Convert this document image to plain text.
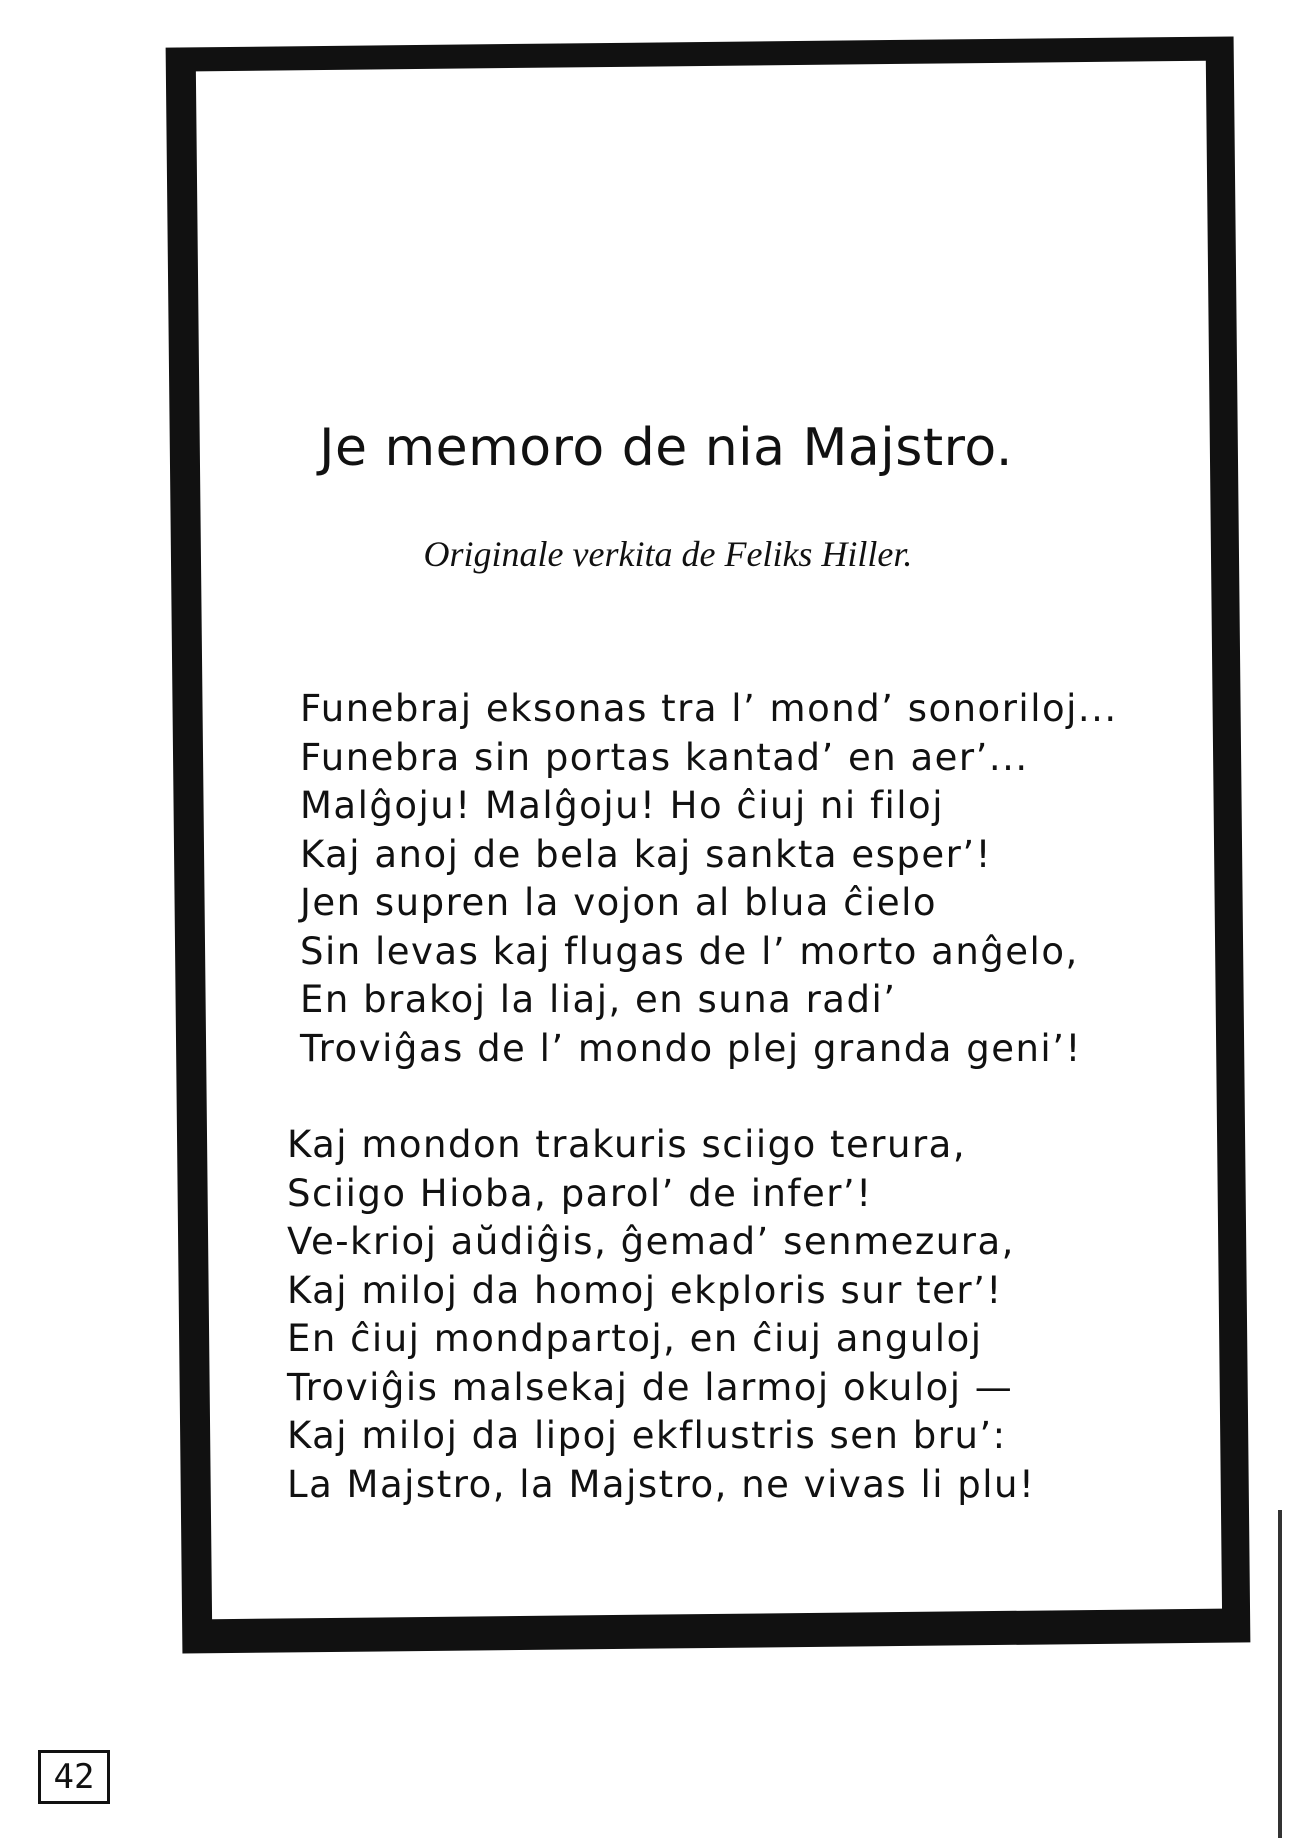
Je memoro de nia Majstro.

Originale verkita de Feliks Hiller.

Funebraj eksonas tra l’ mond’ sonoriloj...
Funebra sin portas kantad’ en aer’...
Malĝoju! Malĝoju! Ho ĉiuj ni filoj
Kaj anoj de bela kaj sankta esper’!
Jen supren la vojon al blua ĉielo
Sin levas kaj flugas de l’ morto anĝelo,
En brakoj la liaj, en suna radi’
Troviĝas de l’ mondo plej granda geni’!
Kaj mondon trakuris sciigo terura,
Sciigo Hioba, parol’ de infer’!
Ve-krioj aŭdiĝis, ĝemad’ senmezura,
Kaj miloj da homoj ekploris sur ter’!
En ĉiuj mondpartoj, en ĉiuj anguloj
Troviĝis malsekaj de larmoj okuloj —
Kaj miloj da lipoj ekflustris sen bru’:
La Majstro, la Majstro, ne vivas li plu!
42
